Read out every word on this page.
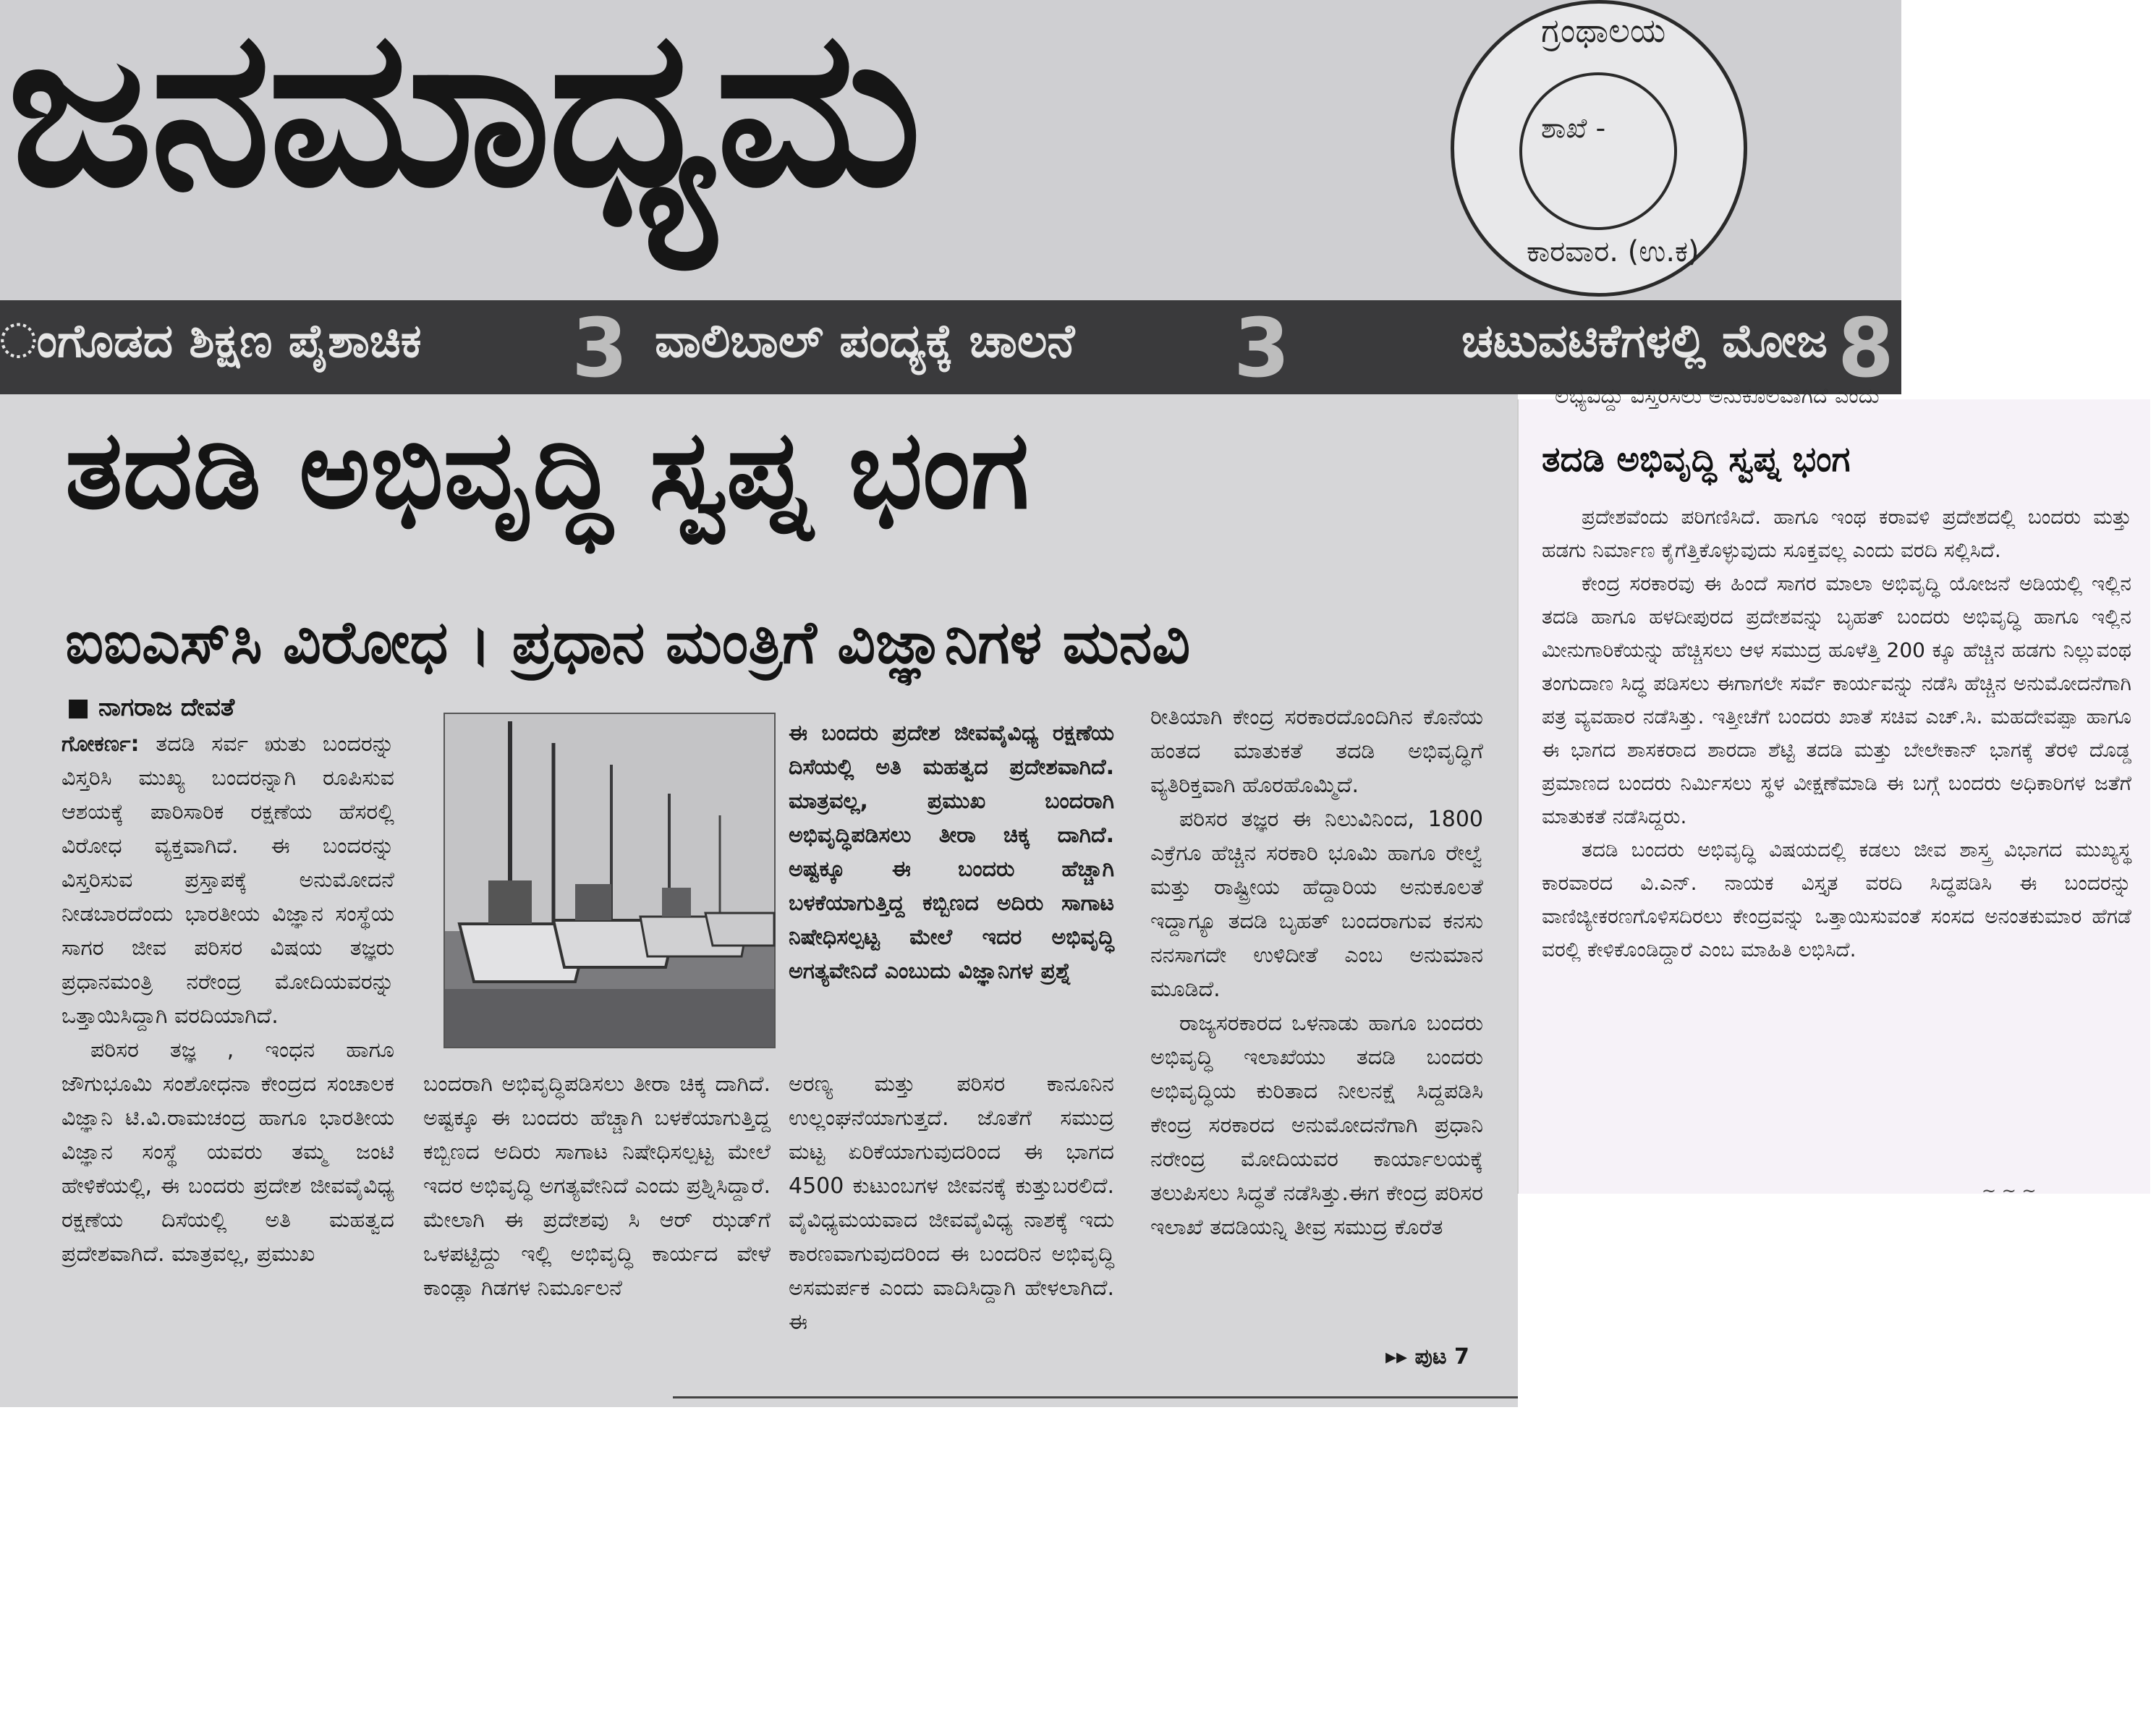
ಜನಮಾಧ್ಯಮ	ಗ್ರಂಥಾಲಯ
ಶಾಖೆ -
ಕಾರವಾರ. (ಉ.ಕ)
ಂಗೊಡದ ಶಿಕ್ಷಣ ಪೈಶಾಚಿಕ 3 ವಾಲಿಬಾಲ್ ಪಂದ್ಯಕ್ಕೆ ಚಾಲನೆ 3	ಚಟುವಟಿಕೆಗಳಲ್ಲಿ ಮೋಜ 8
ತದಡಿ ಅಭಿವೃದ್ಧಿ ಸ್ವಪ್ನ ಭಂಗ
ಐಐಎಸ್‌ಸಿ ವಿರೋಧ । ಪ್ರಧಾನ ಮಂತ್ರಿಗೆ ವಿಜ್ಞಾನಿಗಳ ಮನವಿ
■ ನಾಗರಾಜ ದೇವತೆ

ಗೋಕರ್ಣ: ತದಡಿ ಸರ್ವ ಋತು ಬಂದರನ್ನು ವಿಸ್ತರಿಸಿ ಮುಖ್ಯ ಬಂದರನ್ನಾಗಿ ರೂಪಿಸುವ ಆಶಯಕ್ಕೆ ಪಾರಿಸಾರಿಕ ರಕ್ಷಣೆಯ ಹೆಸರಲ್ಲಿ ವಿರೋಧ ವ್ಯಕ್ತವಾಗಿದೆ. ಈ ಬಂದರನ್ನು ವಿಸ್ತರಿಸುವ ಪ್ರಸ್ತಾಪಕ್ಕೆ ಅನುಮೋದನೆ ನೀಡಬಾರದೆಂದು ಭಾರತೀಯ ವಿಜ್ಞಾನ ಸಂಸ್ಥೆಯ ಸಾಗರ ಜೀವ ಪರಿಸರ ವಿಷಯ ತಜ್ಞರು ಪ್ರಧಾನಮಂತ್ರಿ ನರೇಂದ್ರ ಮೋದಿಯವರನ್ನು ಒತ್ತಾಯಿಸಿದ್ದಾಗಿ ವರದಿಯಾಗಿದೆ.

ಪರಿಸರ ತಜ್ಞ , ಇಂಧನ ಹಾಗೂ ಜೌಗುಭೂಮಿ ಸಂಶೋಧನಾ ಕೇಂದ್ರದ ಸಂಚಾಲಕ ವಿಜ್ಞಾನಿ ಟಿ.ವಿ.ರಾಮಚಂದ್ರ ಹಾಗೂ ಭಾರತೀಯ ವಿಜ್ಞಾನ ಸಂಸ್ಥೆ ಯವರು ತಮ್ಮ ಜಂಟಿ ಹೇಳಿಕೆಯಲ್ಲಿ, ಈ ಬಂದರು ಪ್ರದೇಶ ಜೀವವೈವಿಧ್ಯ ರಕ್ಷಣೆಯ ದಿಸೆಯಲ್ಲಿ ಅತಿ ಮಹತ್ವದ ಪ್ರದೇಶವಾಗಿದೆ. ಮಾತ್ರವಲ್ಲ, ಪ್ರಮುಖ

ಬಂದರಾಗಿ ಅಭಿವೃದ್ಧಿಪಡಿಸಲು ತೀರಾ ಚಿಕ್ಕ ದಾಗಿದೆ. ಅಷ್ಟಕ್ಕೂ ಈ ಬಂದರು ಹೆಚ್ಚಾಗಿ ಬಳಕೆಯಾಗುತ್ತಿದ್ದ ಕಬ್ಬಿಣದ ಅದಿರು ಸಾಗಾಟ ನಿಷೇಧಿಸಲ್ಪಟ್ಟ ಮೇಲೆ ಇದರ ಅಭಿವೃದ್ಧಿ ಅಗತ್ಯವೇನಿದೆ ಎಂದು ಪ್ರಶ್ನಿಸಿದ್ದಾರೆ. ಮೇಲಾಗಿ ಈ ಪ್ರದೇಶವು ಸಿ ಆರ್ ಝಡ್‌ಗೆ ಒಳಪಟ್ಟಿದ್ದು ಇಲ್ಲಿ ಅಭಿವೃದ್ಧಿ ಕಾರ್ಯದ ವೇಳೆ ಕಾಂಡ್ಲಾ ಗಿಡಗಳ ನಿರ್ಮೂಲನೆ

ಈ ಬಂದರು ಪ್ರದೇಶ ಜೀವವೈವಿಧ್ಯ ರಕ್ಷಣೆಯ ದಿಸೆಯಲ್ಲಿ ಅತಿ ಮಹತ್ವದ ಪ್ರದೇಶವಾಗಿದೆ. ಮಾತ್ರವಲ್ಲ, ಪ್ರಮುಖ ಬಂದರಾಗಿ ಅಭಿವೃದ್ಧಿಪಡಿಸಲು ತೀರಾ ಚಿಕ್ಕ ದಾಗಿದೆ. ಅಷ್ಟಕ್ಕೂ ಈ ಬಂದರು ಹೆಚ್ಚಾಗಿ ಬಳಕೆಯಾಗುತ್ತಿದ್ದ ಕಬ್ಬಿಣದ ಅದಿರು ಸಾಗಾಟ ನಿಷೇಧಿಸಲ್ಪಟ್ಟ ಮೇಲೆ ಇದರ ಅಭಿವೃದ್ಧಿ ಅಗತ್ಯವೇನಿದೆ ಎಂಬುದು ವಿಜ್ಞಾನಿಗಳ ಪ್ರಶ್ನೆ

ಅರಣ್ಯ ಮತ್ತು ಪರಿಸರ ಕಾನೂನಿನ ಉಲ್ಲಂಘನೆಯಾಗುತ್ತದೆ. ಜೊತೆಗೆ ಸಮುದ್ರ ಮಟ್ಟ ಏರಿಕೆಯಾಗುವುದರಿಂದ ಈ ಭಾಗದ 4500 ಕುಟುಂಬಗಳ ಜೀವನಕ್ಕೆ ಕುತ್ತುಬರಲಿದೆ. ವೈವಿಧ್ಯಮಯವಾದ ಜೀವವೈವಿಧ್ಯ ನಾಶಕ್ಕೆ ಇದು ಕಾರಣವಾಗುವುದರಿಂದ ಈ ಬಂದರಿನ ಅಭಿವೃದ್ಧಿ ಅಸಮರ್ಪಕ ಎಂದು ವಾದಿಸಿದ್ದಾಗಿ ಹೇಳಲಾಗಿದೆ. ಈ

ರೀತಿಯಾಗಿ ಕೇಂದ್ರ ಸರಕಾರದೊಂದಿಗಿನ ಕೊನೆಯ ಹಂತದ ಮಾತುಕತೆ ತದಡಿ ಅಭಿವೃದ್ಧಿಗೆ ವ್ಯತಿರಿಕ್ತವಾಗಿ ಹೊರಹೊಮ್ಮಿದೆ.

ಪರಿಸರ ತಜ್ಞರ ಈ ನಿಲುವಿನಿಂದ, 1800 ಎಕ್ರೆಗೂ ಹೆಚ್ಚಿನ ಸರಕಾರಿ ಭೂಮಿ ಹಾಗೂ ರೇಲ್ವೆ ಮತ್ತು ರಾಷ್ಟ್ರೀಯ ಹೆದ್ದಾರಿಯ ಅನುಕೂಲತೆ ಇದ್ದಾಗ್ಯೂ ತದಡಿ ಬೃಹತ್ ಬಂದರಾಗುವ ಕನಸು ನನಸಾಗದೇ ಉಳಿದೀತೆ ಎಂಬ ಅನುಮಾನ ಮೂಡಿದೆ.

ರಾಜ್ಯಸರಕಾರದ ಒಳನಾಡು ಹಾಗೂ ಬಂದರು ಅಭಿವೃದ್ಧಿ ಇಲಾಖೆಯು ತದಡಿ ಬಂದರು ಅಭಿವೃದ್ಧಿಯ ಕುರಿತಾದ ನೀಲನಕ್ಷೆ ಸಿದ್ದಪಡಿಸಿ ಕೇಂದ್ರ ಸರಕಾರದ ಅನುಮೋದನೆಗಾಗಿ ಪ್ರಧಾನಿ ನರೇಂದ್ರ ಮೋದಿಯವರ ಕಾರ್ಯಾಲಯಕ್ಕೆ ತಲುಪಿಸಲು ಸಿದ್ಧತೆ ನಡೆಸಿತ್ತು.ಈಗ ಕೇಂದ್ರ ಪರಿಸರ ಇಲಾಖೆ ತದಡಿಯನ್ನಿ ತೀವ್ರ ಸಮುದ್ರ ಕೊರೆತ

▸▸ ಪುಟ 7
ಲಭ್ಯವಿದ್ದು ವಿಸ್ತರಿಸಲು ಅನುಕೂಲವಾಗಿದೆ ಎಂದು
ತದಡಿ ಅಭಿವೃದ್ಧಿ ಸ್ವಪ್ನ ಭಂಗ

ಪ್ರದೇಶವೆಂದು ಪರಿಗಣಿಸಿದೆ. ಹಾಗೂ ಇಂಥ ಕರಾವಳಿ ಪ್ರದೇಶದಲ್ಲಿ ಬಂದರು ಮತ್ತು ಹಡಗು ನಿರ್ಮಾಣ ಕೈಗೆತ್ತಿಕೊಳ್ಳುವುದು ಸೂಕ್ತವಲ್ಲ ಎಂದು ವರದಿ ಸಲ್ಲಿಸಿದೆ.

ಕೇಂದ್ರ ಸರಕಾರವು ಈ ಹಿಂದೆ ಸಾಗರ ಮಾಲಾ ಅಭಿವೃದ್ಧಿ ಯೋಜನೆ ಅಡಿಯಲ್ಲಿ ಇಲ್ಲಿನ ತದಡಿ ಹಾಗೂ ಹಳದೀಪುರದ ಪ್ರದೇಶವನ್ನು ಬೃಹತ್ ಬಂದರು ಅಭಿವೃದ್ಧಿ ಹಾಗೂ ಇಲ್ಲಿನ ಮೀನುಗಾರಿಕೆಯನ್ನು ಹೆಚ್ಚಿಸಲು ಆಳ ಸಮುದ್ರ ಹೂಳೆತ್ತಿ 200 ಕ್ಕೂ ಹೆಚ್ಚಿನ ಹಡಗು ನಿಲ್ಲುವಂಥ ತಂಗುದಾಣ ಸಿದ್ಧ ಪಡಿಸಲು ಈಗಾಗಲೇ ಸರ್ವೆ ಕಾರ್ಯವನ್ನು ನಡೆಸಿ ಹೆಚ್ಚಿನ ಅನುಮೋದನೆಗಾಗಿ ಪತ್ರ ವ್ಯವಹಾರ ನಡೆಸಿತ್ತು. ಇತ್ತೀಚೆಗೆ ಬಂದರು ಖಾತೆ ಸಚಿವ ಎಚ್.ಸಿ. ಮಹದೇವಪ್ಪಾ ಹಾಗೂ ಈ ಭಾಗದ ಶಾಸಕರಾದ ಶಾರದಾ ಶೆಟ್ಟಿ ತದಡಿ ಮತ್ತು ಬೇಲೇಕಾನ್ ಭಾಗಕ್ಕೆ ತೆರಳಿ ದೊಡ್ಡ ಪ್ರಮಾಣದ ಬಂದರು ನಿರ್ಮಿಸಲು ಸ್ಥಳ ವೀಕ್ಷಣೆಮಾಡಿ ಈ ಬಗ್ಗೆ ಬಂದರು ಅಧಿಕಾರಿಗಳ ಜತೆಗೆ ಮಾತುಕತೆ ನಡೆಸಿದ್ದರು.

ತದಡಿ ಬಂದರು ಅಭಿವೃದ್ಧಿ ವಿಷಯದಲ್ಲಿ ಕಡಲು ಜೀವ ಶಾಸ್ತ್ರ ವಿಭಾಗದ ಮುಖ್ಯಸ್ಥ ಕಾರವಾರದ ವಿ.ಎನ್. ನಾಯಕ ವಿಸ್ತೃತ ವರದಿ ಸಿದ್ಧಪಡಿಸಿ ಈ ಬಂದರನ್ನು ವಾಣಿಜ್ಯೀಕರಣಗೊಳಿಸದಿರಲು ಕೇಂದ್ರವನ್ನು ಒತ್ತಾಯಿಸುವಂತೆ ಸಂಸದ ಅನಂತಕುಮಾರ ಹೆಗಡೆ ವರಲ್ಲಿ ಕೇಳಿಕೊಂಡಿದ್ದಾರೆ ಎಂಬ ಮಾಹಿತಿ ಲಭಿಸಿದೆ.

~ ~ ~
